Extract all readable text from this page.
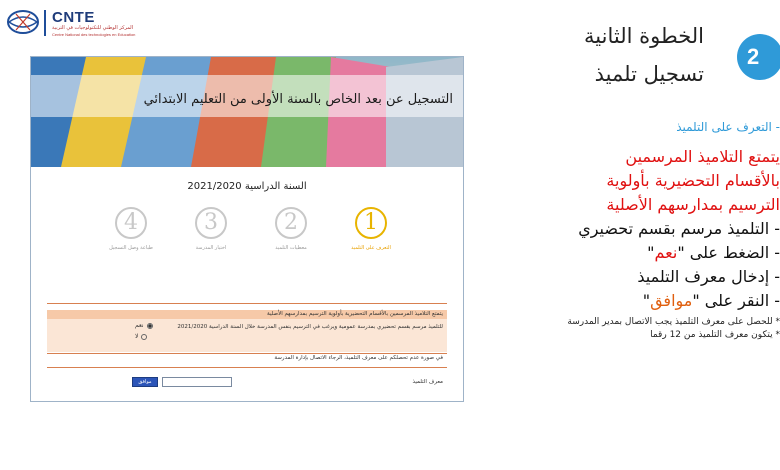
CNTE
المركز الوطني للتكنولوجيات في التربية
Centre National des technologies en Education
التسجيل عن بعد الخاص بالسنة الأولى من التعليم الابتدائي
السنة الدراسية 2021/2020
1
التعرف على التلميذ
2
معطيات التلميذ
3
اختيار المدرسة
4
طباعة وصل التسجيل
يتمتع التلاميذ المرسمين بالأقسام التحضيرية بأولوية الترسيم بمدارسهم الأصلية
للتلميذ مرسم بقسم تحضيري بمدرسة عمومية ويرغب في الترسيم بنفس المدرسة خلال السنة الدراسية 2021/2020
نعم
لا
في صورة عدم تحصلكم على معرف التلميذ، الرجاء الاتصال بإدارة المدرسة
معرف التلميذ
موافق
2
الخطوة الثانية
تسجيل تلميذ
- التعرف على التلميذ
يتمتع التلاميذ المرسمين
بالأقسام التحضيرية بأولوية
الترسيم بمدارسهم الأصلية
- التلميذ مرسم بقسم تحضيري
- الضغط على "نعم"
- إدخال معرف التلميذ
- النقر على "موافق"
* للحصل على معرف التلميذ يجب الاتصال بمدير المدرسة
* يتكون معرف التلميذ من 12 رقما
